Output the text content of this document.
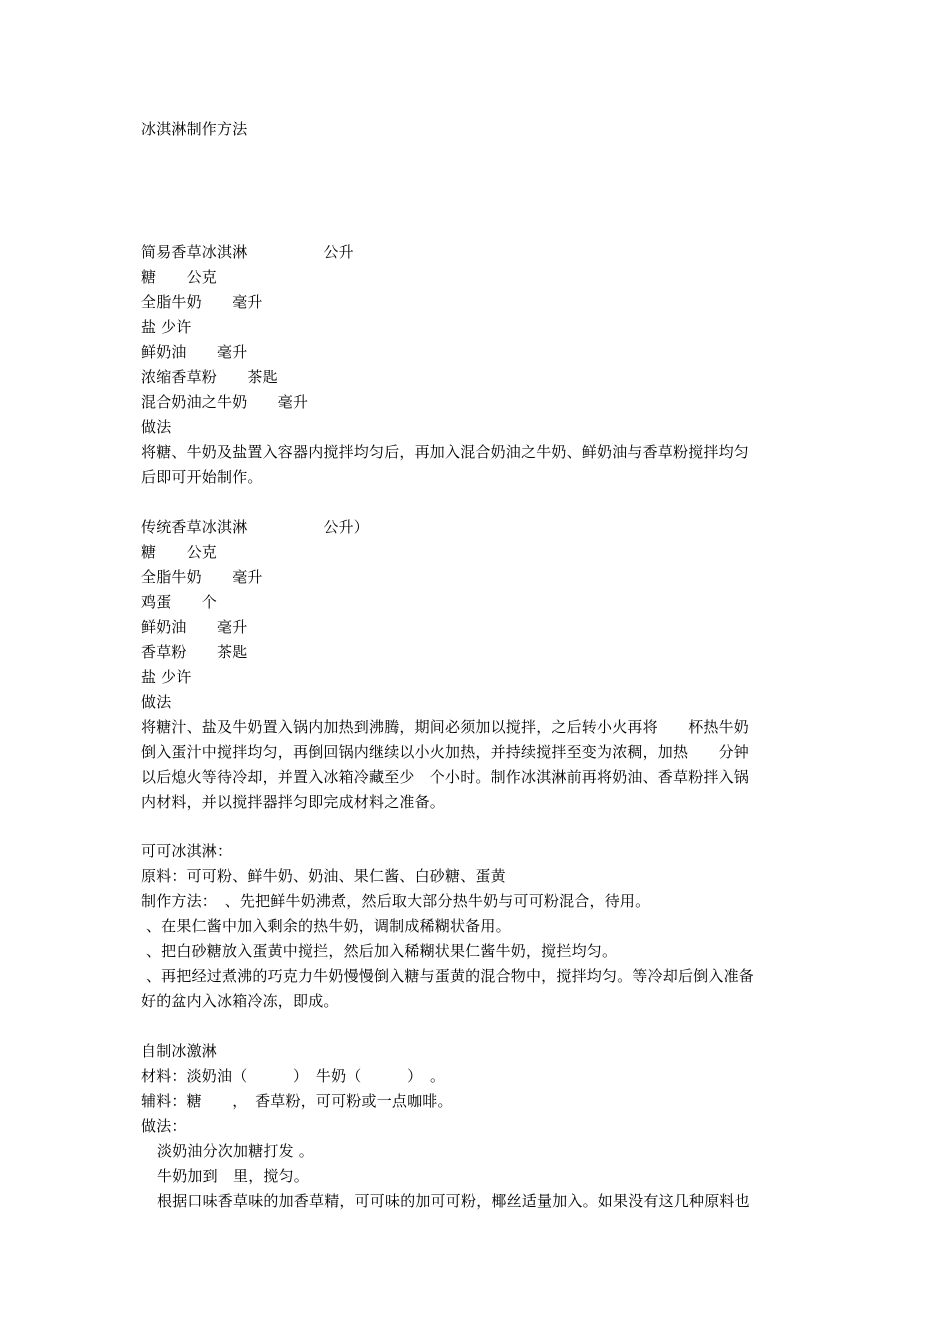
冰淇淋制作方法
简易香草冰淇淋　　　　　公升
糖　　公克
全脂牛奶　　毫升
盐 少许
鲜奶油　　毫升
浓缩香草粉　　茶匙
混合奶油之牛奶　　毫升
做法
将糖、牛奶及盐置入容器内搅拌均匀后，再加入混合奶油之牛奶、鲜奶油与香草粉搅拌均匀
后即可开始制作。
传统香草冰淇淋　　　　　公升）
糖　　公克
全脂牛奶　　毫升
鸡蛋　　个
鲜奶油　　毫升
香草粉　　茶匙
盐 少许
做法
将糖汁、盐及牛奶置入锅内加热到沸腾，期间必须加以搅拌，之后转小火再将　　杯热牛奶
倒入蛋汁中搅拌均匀，再倒回锅内继续以小火加热，并持续搅拌至变为浓稠，加热　　分钟
以后熄火等待冷却，并置入冰箱冷藏至少　个小时。制作冰淇淋前再将奶油、香草粉拌入锅
内材料，并以搅拌器拌匀即完成材料之准备。
可可冰淇淋：
原料：可可粉、鲜牛奶、奶油、果仁酱、白砂糖、蛋黄
制作方法：　、先把鲜牛奶沸煮，然后取大部分热牛奶与可可粉混合，待用。
、在果仁酱中加入剩余的热牛奶，调制成稀糊状备用。
、把白砂糖放入蛋黄中搅拦，然后加入稀糊状果仁酱牛奶，搅拦均匀。
、再把经过煮沸的巧克力牛奶慢慢倒入糖与蛋黄的混合物中，搅拌均匀。等冷却后倒入准备
好的盆内入冰箱冷冻，即成。
自制冰激淋
材料：淡奶油（　　　）　牛奶（　　　）　。
辅料：糖　　，　香草粉，可可粉或一点咖啡。
做法：
淡奶油分次加糖打发 。
牛奶加到　里，搅匀。
根据口味香草味的加香草精，可可味的加可可粉，椰丝适量加入。如果没有这几种原料也
